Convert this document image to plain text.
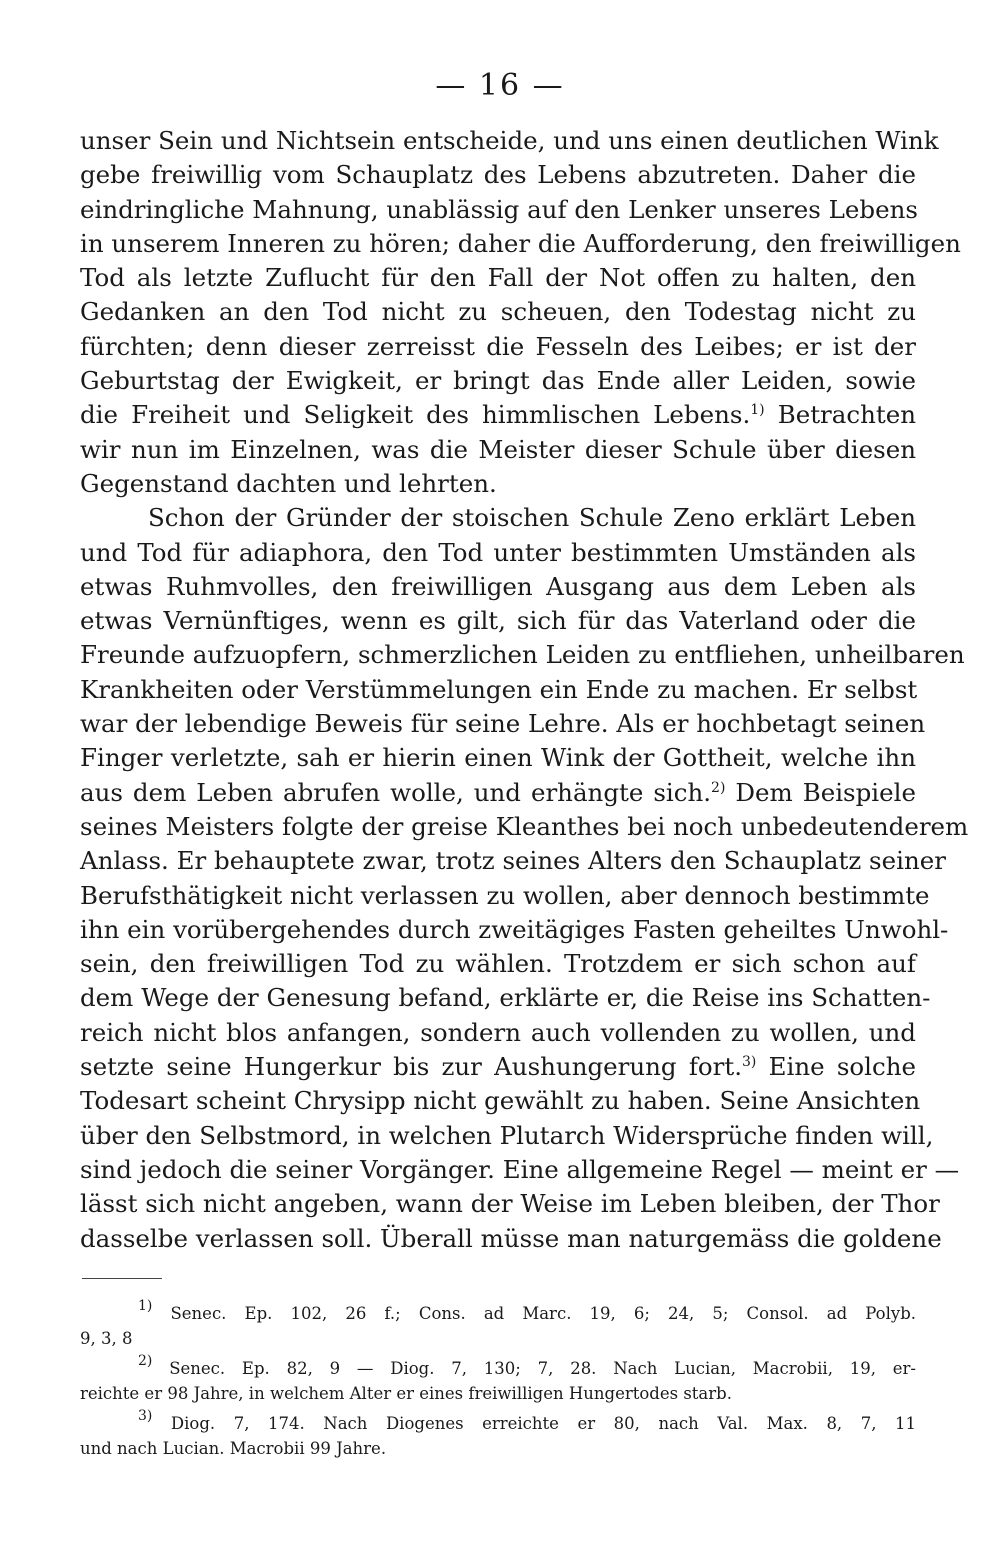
— 16 —
unser Sein und Nichtsein entscheide, und uns einen deutlichen Wink
gebe freiwillig vom Schauplatz des Lebens abzutreten. Daher die
eindringliche Mahnung, unablässig auf den Lenker unseres Lebens
in unserem Inneren zu hören; daher die Aufforderung, den freiwilligen
Tod als letzte Zuflucht für den Fall der Not offen zu halten, den
Gedanken an den Tod nicht zu scheuen, den Todestag nicht zu
fürchten; denn dieser zerreisst die Fesseln des Leibes; er ist der
Geburtstag der Ewigkeit, er bringt das Ende aller Leiden, sowie
die Freiheit und Seligkeit des himmlischen Lebens.$^{1)}$ Betrachten
wir nun im Einzelnen, was die Meister dieser Schule über diesen
Gegenstand dachten und lehrten.
Schon der Gründer der stoischen Schule Zeno erklärt Leben
und Tod für adiaphora, den Tod unter bestimmten Umständen als
etwas Ruhmvolles, den freiwilligen Ausgang aus dem Leben als
etwas Vernünftiges, wenn es gilt, sich für das Vaterland oder die
Freunde aufzuopfern, schmerzlichen Leiden zu entfliehen, unheilbaren
Krankheiten oder Verstümmelungen ein Ende zu machen. Er selbst
war der lebendige Beweis für seine Lehre. Als er hochbetagt seinen
Finger verletzte, sah er hierin einen Wink der Gottheit, welche ihn
aus dem Leben abrufen wolle, und erhängte sich.$^{2)}$ Dem Beispiele
seines Meisters folgte der greise Kleanthes bei noch unbedeutenderem
Anlass. Er behauptete zwar, trotz seines Alters den Schauplatz seiner
Berufsthätigkeit nicht verlassen zu wollen, aber dennoch bestimmte
ihn ein vorübergehendes durch zweitägiges Fasten geheiltes Unwohl-
sein, den freiwilligen Tod zu wählen. Trotzdem er sich schon auf
dem Wege der Genesung befand, erklärte er, die Reise ins Schatten-
reich nicht blos anfangen, sondern auch vollenden zu wollen, und
setzte seine Hungerkur bis zur Aushungerung fort.$^{3)}$ Eine solche
Todesart scheint Chrysipp nicht gewählt zu haben. Seine Ansichten
über den Selbstmord, in welchen Plutarch Widersprüche finden will,
sind jedoch die seiner Vorgänger. Eine allgemeine Regel — meint er —
lässt sich nicht angeben, wann der Weise im Leben bleiben, der Thor
dasselbe verlassen soll. Überall müsse man naturgemäss die goldene
$^{1)}$ Senec. Ep. 102, 26 f.; Cons. ad Marc. 19, 6; 24, 5; Consol. ad Polyb.
9, 3, 8
$^{2)}$ Senec. Ep. 82, 9 — Diog. 7, 130; 7, 28. Nach Lucian, Macrobii, 19, er-
reichte er 98 Jahre, in welchem Alter er eines freiwilligen Hungertodes starb.
$^{3)}$ Diog. 7, 174. Nach Diogenes erreichte er 80, nach Val. Max. 8, 7, 11
und nach Lucian. Macrobii 99 Jahre.
